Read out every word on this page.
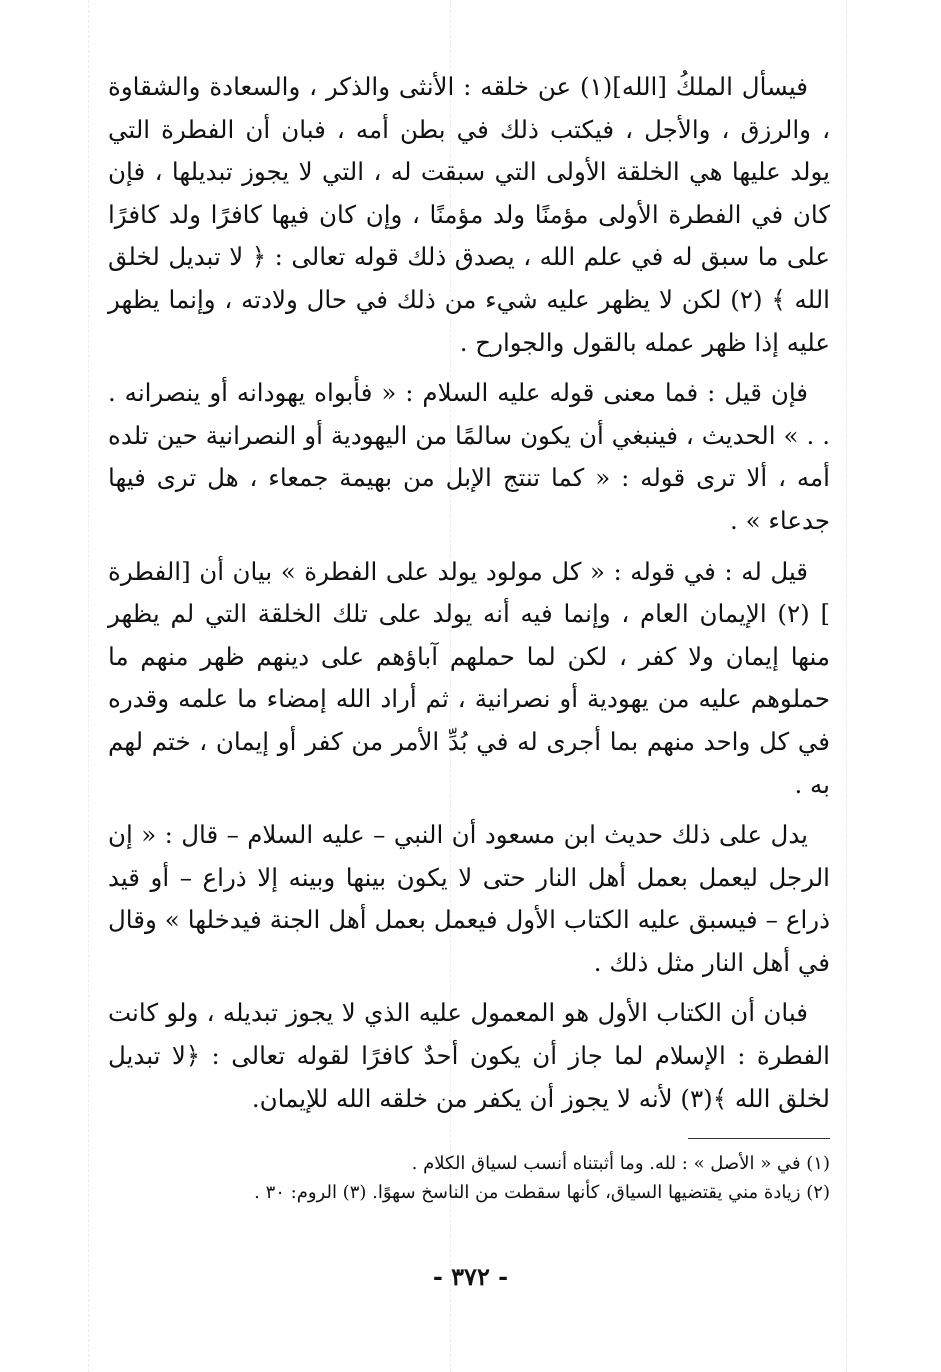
فيسأل الملكُ [الله](١) عن خلقه : الأنثى والذكر ، والسعادة والشقاوة ، والرزق ، والأجل ، فيكتب ذلك في بطن أمه ، فبان أن الفطرة التي يولد عليها هي الخلقة الأولى التي سبقت له ، التي لا يجوز تبديلها ، فإن كان في الفطرة الأولى مؤمنًا ولد مؤمنًا ، وإن كان فيها كافرًا ولد كافرًا على ما سبق له في علم الله ، يصدق ذلك قوله تعالى : ﴿ لا تبديل لخلق الله ﴾ (٢) لكن لا يظهر عليه شيء من ذلك في حال ولادته ، وإنما يظهر عليه إذا ظهر عمله بالقول والجوارح .

فإن قيل : فما معنى قوله عليه السلام : « فأبواه يهودانه أو ينصرانه . . . » الحديث ، فينبغي أن يكون سالمًا من اليهودية أو النصرانية حين تلده أمه ، ألا ترى قوله : « كما تنتج الإبل من بهيمة جمعاء ، هل ترى فيها جدعاء » .

قيل له : في قوله : « كل مولود يولد على الفطرة » بيان أن [الفطرة ] (٢) الإيمان العام ، وإنما فيه أنه يولد على تلك الخلقة التي لم يظهر منها إيمان ولا كفر ، لكن لما حملهم آباؤهم على دينهم ظهر منهم ما حملوهم عليه من يهودية أو نصرانية ، ثم أراد الله إمضاء ما علمه وقدره في كل واحد منهم بما أجرى له في بُدِّ الأمر من كفر أو إيمان ، ختم لهم به .

يدل على ذلك حديث ابن مسعود أن النبي – عليه السلام – قال : « إن الرجل ليعمل بعمل أهل النار حتى لا يكون بينها وبينه إلا ذراع – أو قيد ذراع – فيسبق عليه الكتاب الأول فيعمل بعمل أهل الجنة فيدخلها » وقال في أهل النار مثل ذلك .

فبان أن الكتاب الأول هو المعمول عليه الذي لا يجوز تبديله ، ولو كانت الفطرة : الإسلام لما جاز أن يكون أحدٌ كافرًا لقوله تعالى : ﴿لا تبديل لخلق الله ﴾(٣) لأنه لا يجوز أن يكفر من خلقه الله للإيمان.

(١) في « الأصل » : لله. وما أثبتناه أنسب لسياق الكلام .

(٢) زيادة مني يقتضيها السياق، كأنها سقطت من الناسخ سهوًا. (٣) الروم: ٣٠ .

- ٣٧٢ -
